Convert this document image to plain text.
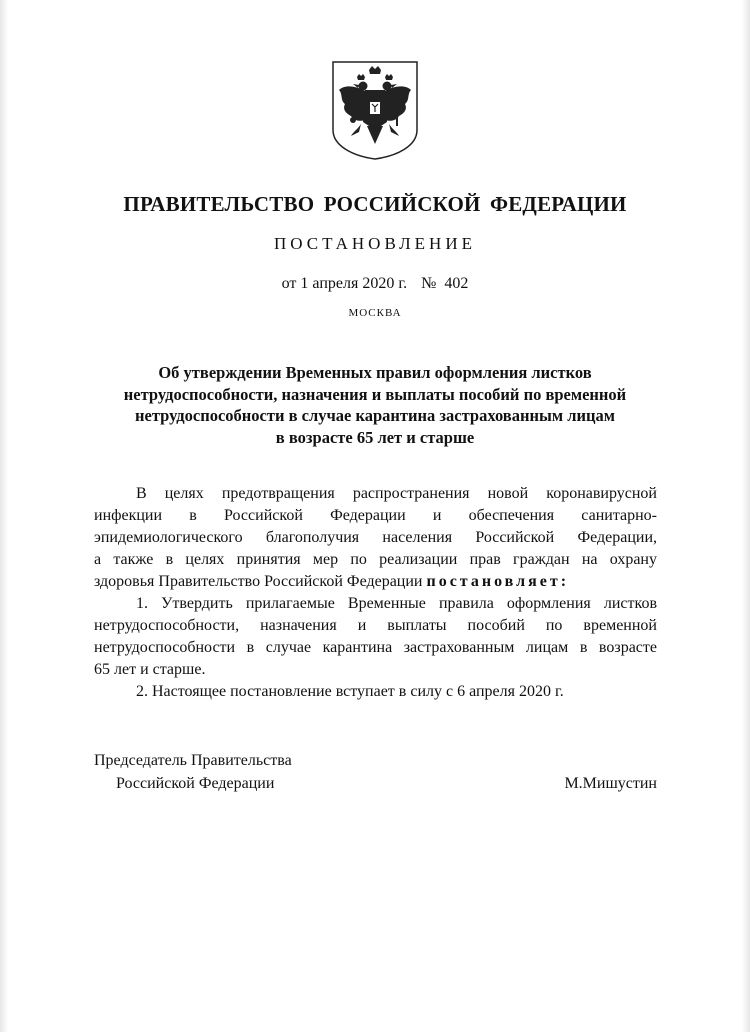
ПРАВИТЕЛЬСТВО РОССИЙСКОЙ ФЕДЕРАЦИИ
ПОСТАНОВЛЕНИЕ
от 1 апреля 2020 г. № 402
МОСКВА
Об утверждении Временных правил оформления листков
нетрудоспособности, назначения и выплаты пособий по временной
нетрудоспособности в случае карантина застрахованным лицам
в возрасте 65 лет и старше
В целях предотвращения распространения новой коронавирусной
инфекции в Российской Федерации и обеспечения санитарно-
эпидемиологического благополучия населения Российской Федерации,
а также в целях принятия мер по реализации прав граждан на охрану
здоровья Правительство Российской Федерации постановляет:
1. Утвердить прилагаемые Временные правила оформления листков
нетрудоспособности, назначения и выплаты пособий по временной
нетрудоспособности в случае карантина застрахованным лицам в возрасте
65 лет и старше.
2. Настоящее постановление вступает в силу с 6 апреля 2020 г.
Председатель Правительства
Российской Федерации	М.Мишустин
